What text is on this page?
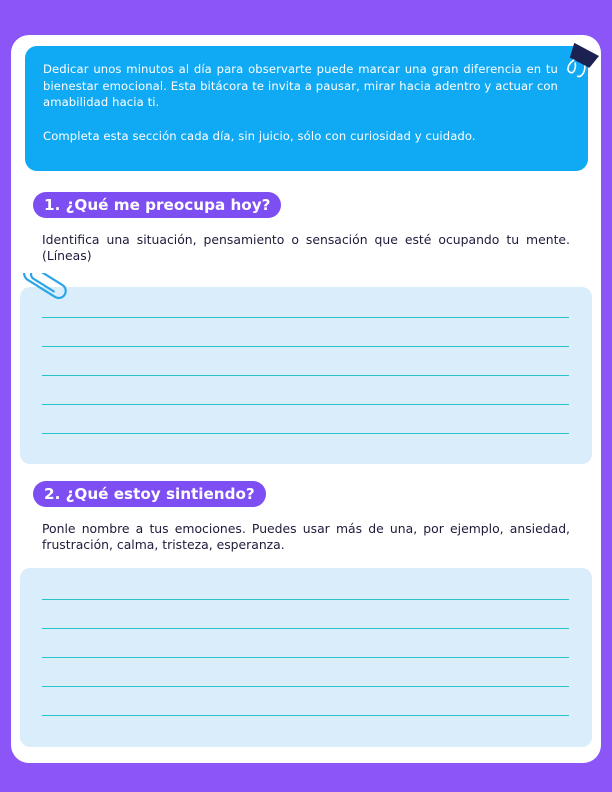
Dedicar unos minutos al día para observarte puede marcar una gran diferencia en tu bienestar emocional. Esta bitácora te invita a pausar, mirar hacia adentro y actuar con amabilidad hacia ti.

Completa esta sección cada día, sin juicio, sólo con curiosidad y cuidado.

1. ¿Qué me preocupa hoy?
Identifica una situación, pensamiento o sensación que esté ocupando tu mente. (Líneas)
2. ¿Qué estoy sintiendo?
Ponle nombre a tus emociones. Puedes usar más de una, por ejemplo, ansiedad, frustración, calma, tristeza, esperanza.
